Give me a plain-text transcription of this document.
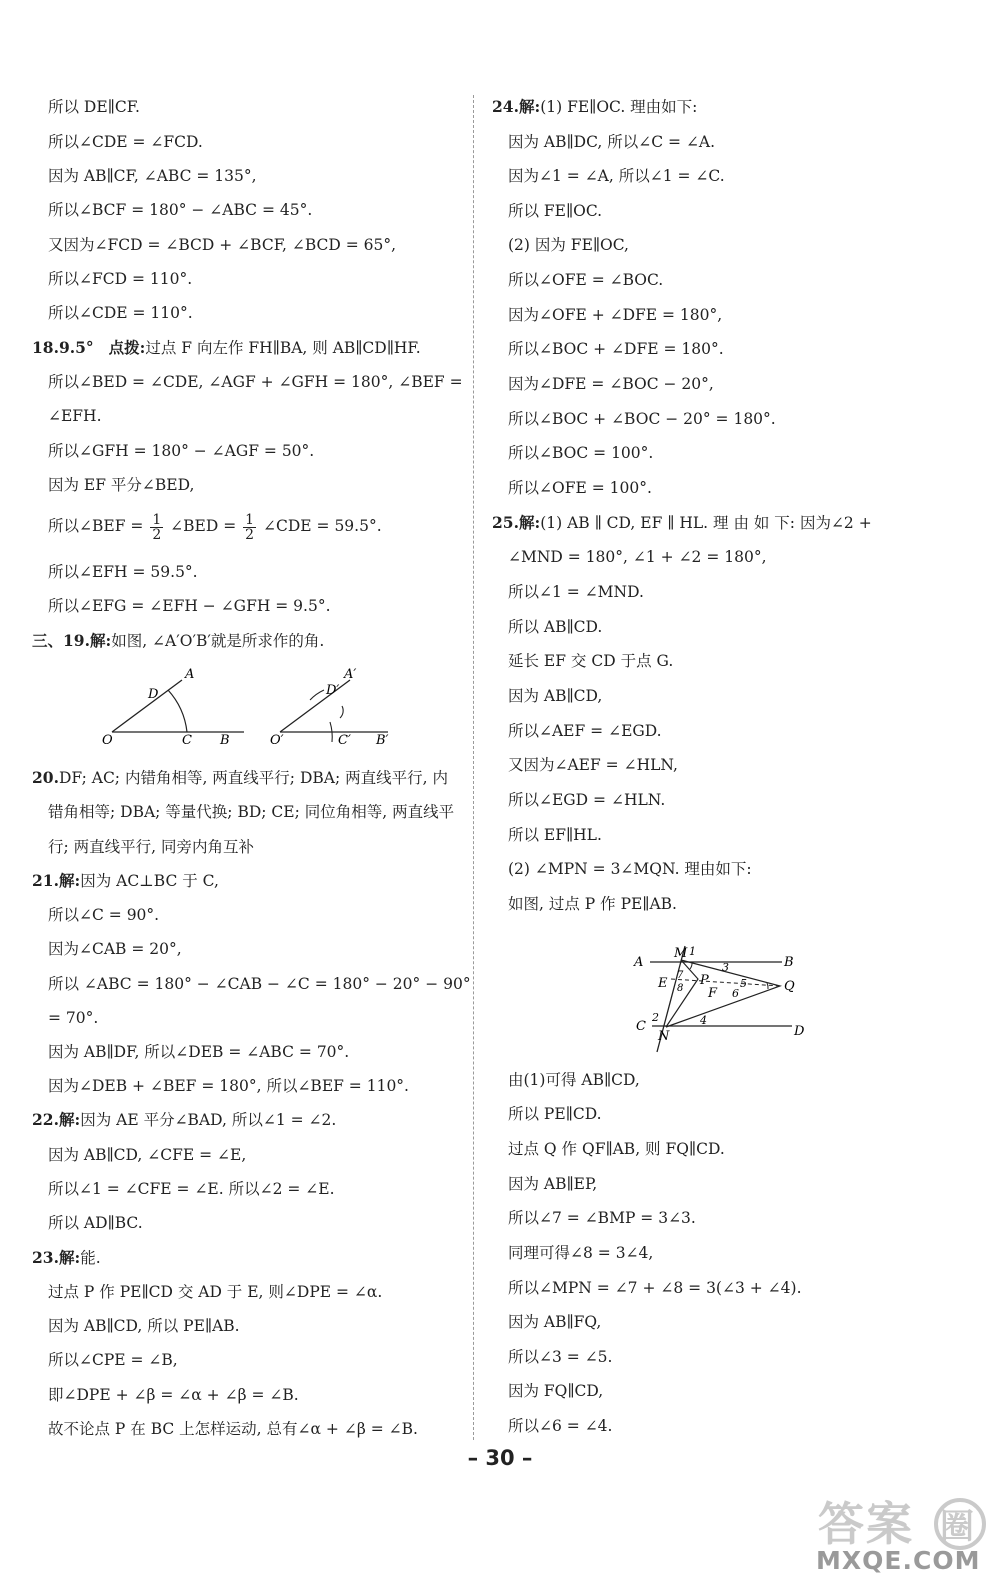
所以 DE∥CF.
所以∠CDE = ∠FCD.
因为 AB∥CF, ∠ABC = 135°,
所以∠BCF = 180° − ∠ABC = 45°.
又因为∠FCD = ∠BCD + ∠BCF, ∠BCD = 65°,
所以∠FCD = 110°.
所以∠CDE = 110°.
18.9.5° 点拨:过点 F 向左作 FH∥BA, 则 AB∥CD∥HF.
所以∠BED = ∠CDE, ∠AGF + ∠GFH = 180°, ∠BEF =
∠EFH.
所以∠GFH = 180° − ∠AGF = 50°.
因为 EF 平分∠BED,
所以∠BEF = $\frac{1}{2}$ ∠BED = $\frac{1}{2}$ ∠CDE = 59.5°.
所以∠EFH = 59.5°.
所以∠EFG = ∠EFH − ∠GFH = 9.5°.
三、19.解:如图, ∠A′O′B′就是所求作的角.
A
D
O	C B
A′
D′
O′	C′ B′
20.DF; AC; 内错角相等, 两直线平行; DBA; 两直线平行, 内
错角相等; DBA; 等量代换; BD; CE; 同位角相等, 两直线平
行; 两直线平行, 同旁内角互补
21.解:因为 AC⊥BC 于 C,
所以∠C = 90°.
因为∠CAB = 20°,
所以 ∠ABC = 180° − ∠CAB − ∠C = 180° − 20° − 90°
= 70°.
因为 AB∥DF, 所以∠DEB = ∠ABC = 70°.
因为∠DEB + ∠BEF = 180°, 所以∠BEF = 110°.
22.解:因为 AE 平分∠BAD, 所以∠1 = ∠2.
因为 AB∥CD, ∠CFE = ∠E,
所以∠1 = ∠CFE = ∠E. 所以∠2 = ∠E.
所以 AD∥BC.
23.解:能.
过点 P 作 PE∥CD 交 AD 于 E, 则∠DPE = ∠α.
因为 AB∥CD, 所以 PE∥AB.
所以∠CPE = ∠B,
即∠DPE + ∠β = ∠α + ∠β = ∠B.
故不论点 P 在 BC 上怎样运动, 总有∠α + ∠β = ∠B.
24.解:(1) FE∥OC. 理由如下:
因为 AB∥DC, 所以∠C = ∠A.
因为∠1 = ∠A, 所以∠1 = ∠C.
所以 FE∥OC.
(2) 因为 FE∥OC,
所以∠OFE = ∠BOC.
因为∠OFE + ∠DFE = 180°,
所以∠BOC + ∠DFE = 180°.
因为∠DFE = ∠BOC − 20°,
所以∠BOC + ∠BOC − 20° = 180°.
所以∠BOC = 100°.
所以∠OFE = 100°.
25.解:(1) AB ∥ CD, EF ∥ HL. 理 由 如 下: 因为∠2 +
∠MND = 180°, ∠1 + ∠2 = 180°,
所以∠1 = ∠MND.
所以 AB∥CD.
延长 EF 交 CD 于点 G.
因为 AB∥CD,
所以∠AEF = ∠EGD.
又因为∠AEF = ∠HLN,
所以∠EGD = ∠HLN.
所以 EF∥HL.
(2) ∠MPN = 3∠MQN. 理由如下:
如图, 过点 P 作 PE∥AB.
A	B
M 1
3
E
7
8
P
F
5
6	Q
C
2
N
4
D
由(1)可得 AB∥CD,
所以 PE∥CD.
过点 Q 作 QF∥AB, 则 FQ∥CD.
因为 AB∥EP,
所以∠7 = ∠BMP = 3∠3.
同理可得∠8 = 3∠4,
所以∠MPN = ∠7 + ∠8 = 3(∠3 + ∠4).
因为 AB∥FQ,
所以∠3 = ∠5.
因为 FQ∥CD,
所以∠6 = ∠4.
– 30 –
答案 圈
MXQE.COM
